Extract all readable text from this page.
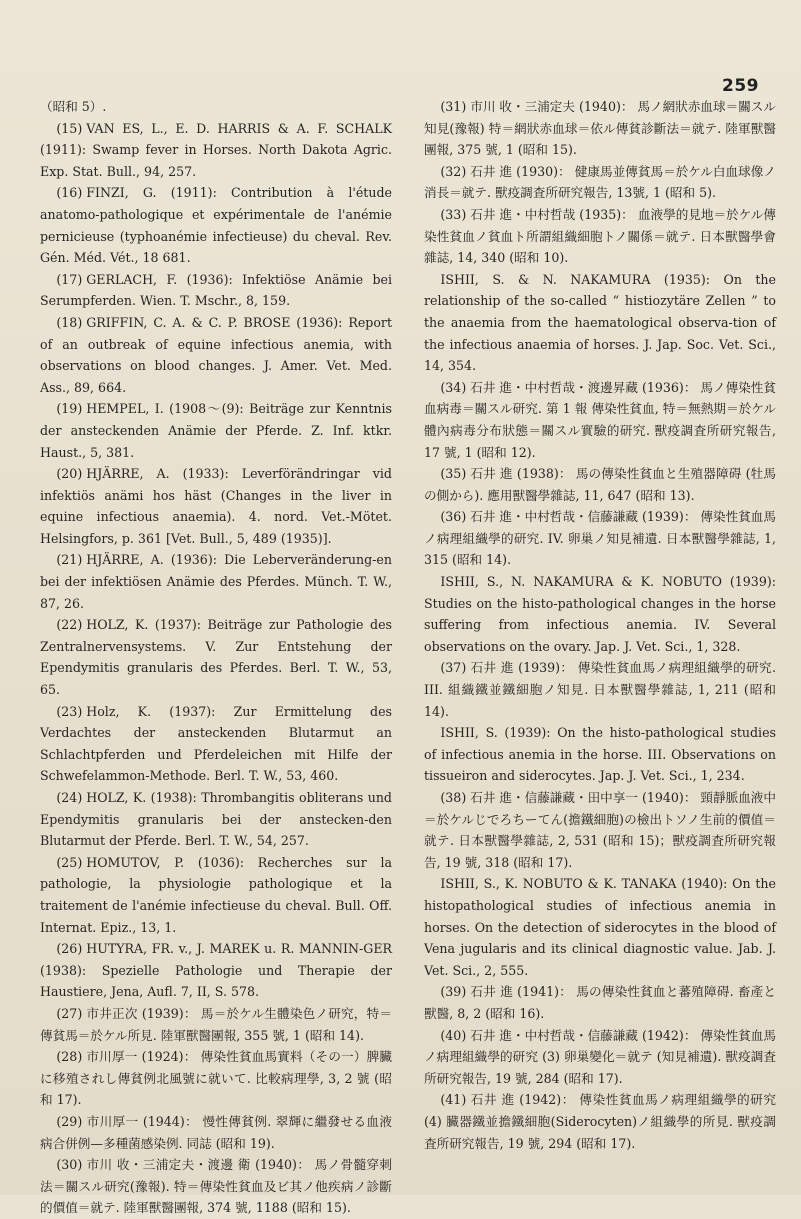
259

（昭和 5）.

(15) VAN ES, L., E. D. HARRIS & A. F. SCHALK (1911): Swamp fever in Horses. North Dakota Agric. Exp. Stat. Bull., 94, 257.

(16) FINZI, G. (1911): Contribution à l'étude anatomo-pathologique et expérimentale de l'anémie pernicieuse (typhoanémie infectieuse) du cheval. Rev. Gén. Méd. Vét., 18 681.

(17) GERLACH, F. (1936): Infektiöse Anämie bei Serumpferden. Wien. T. Mschr., 8, 159.

(18) GRIFFIN, C. A. & C. P. BROSE (1936): Report of an outbreak of equine infectious anemia, with observations on blood changes. J. Amer. Vet. Med. Ass., 89, 664.

(19) HEMPEL, I. (1908～(9): Beiträge zur Kenntnis der ansteckenden Anämie der Pferde. Z. Inf. ktkr. Haust., 5, 381.

(20) HJÄRRE, A. (1933): Leverförändringar vid infektiös anämi hos häst (Changes in the liver in equine infectious anaemia). 4. nord. Vet.-Mötet. Helsingfors, p. 361 [Vet. Bull., 5, 489 (1935)].

(21) HJÄRRE, A. (1936): Die Leberveränderung-en bei der infektiösen Anämie des Pferdes. Münch. T. W., 87, 26.

(22) HOLZ, K. (1937): Beiträge zur Pathologie des Zentralnervensystems. V. Zur Entstehung der Ependymitis granularis des Pferdes. Berl. T. W., 53, 65.

(23) Holz, K. (1937): Zur Ermittelung des Verdachtes der ansteckenden Blutarmut an Schlachtpferden und Pferdeleichen mit Hilfe der Schwefelammon-Methode. Berl. T. W., 53, 460.

(24) HOLZ, K. (1938): Thrombangitis obliterans und Ependymitis granularis bei der anstecken-den Blutarmut der Pferde. Berl. T. W., 54, 257.

(25) HOMUTOV, P. (1036): Recherches sur la pathologie, la physiologie pathologique et la traitement de l'anémie infectieuse du cheval. Bull. Off. Internat. Epiz., 13, 1.

(26) HUTYRA, FR. v., J. MAREK u. R. MANNIN-GER (1938): Spezielle Pathologie und Therapie der Haustiere, Jena, Aufl. 7, II, S. 578.

(27) 市井正次 (1939)： 馬＝於ケル生體染色ノ研究，特＝傳貧馬＝於ケル所見. 陸軍獸醫團報, 355 號, 1 (昭和 14).

(28) 市川厚一 (1924)： 傳染性貧血馬實料（その一）脾臟に移殖されし傳貧例北風號に就いて. 比較病理學, 3, 2 號 (昭和 17).

(29) 市川厚一 (1944)： 慢性傳貧例. 翠輝に繼發せる血液病合併例—多種菌感染例. 同誌 (昭和 19).

(30) 市川 收・三浦定夫・渡邊 衛 (1940)： 馬ノ骨髓穿刺法＝關スル研究(豫報). 特＝傳染性貧血及ビ其ノ他疾病ノ診斷的價值＝就テ. 陸軍獸醫團報, 374 號, 1188 (昭和 15).

(31) 市川 收・三浦定夫 (1940)： 馬ノ網狀赤血球＝關スル知見(豫報) 特＝網狀赤血球＝依ル傳貧診斷法＝就テ. 陸軍獸醫團報, 375 號, 1 (昭和 15).

(32) 石井 進 (1930)： 健康馬並傳貧馬＝於ケル白血球像ノ消長＝就テ. 獸疫調査所研究報告, 13號, 1 (昭和 5).

(33) 石井 進・中村哲哉 (1935)： 血液學的見地＝於ケル傳染性貧血ノ貧血ト所謂組織細胞トノ關係＝就テ. 日本獸醫學會雜誌, 14, 340 (昭和 10).

ISHII, S. & N. NAKAMURA (1935): On the relationship of the so-called “ histiozytäre Zellen ” to the anaemia from the haematological observa-tion of the infectious anaemia of horses. J. Jap. Soc. Vet. Sci., 14, 354.

(34) 石井 進・中村哲哉・渡邊昇藏 (1936)： 馬ノ傳染性貧血病毒＝關スル研究. 第 1 報 傳染性貧血, 特＝無熱期＝於ケル體內病毒分布狀態＝關スル實驗的研究. 獸疫調査所研究報告, 17 號, 1 (昭和 12).

(35) 石井 進 (1938)： 馬の傳染性貧血と生殖器障碍 (牡馬の側から). 應用獸醫學雜誌, 11, 647 (昭和 13).

(36) 石井 進・中村哲哉・信藤謙藏 (1939)： 傳染性貧血馬ノ病理組織學的研究. IV. 卵巢ノ知見補遺. 日本獸醫學雜誌, 1, 315 (昭和 14).

ISHII, S., N. NAKAMURA & K. NOBUTO (1939): Studies on the histo-pathological changes in the horse suffering from infectious anemia. IV. Several observations on the ovary. Jap. J. Vet. Sci., 1, 328.

(37) 石井 進 (1939)： 傳染性貧血馬ノ病理組織學的研究. III. 組織鐵並鐵細胞ノ知見. 日本獸醫學雜誌, 1, 211 (昭和 14).

ISHII, S. (1939): On the histo-pathological studies of infectious anemia in the horse. III. Observations on tissueiron and siderocytes. Jap. J. Vet. Sci., 1, 234.

(38) 石井 進・信藤謙藏・田中享一 (1940)： 頸靜脈血液中＝於ケルじでろちーてん(擔鐵細胞)の檢出トソノ生前的價值＝就テ. 日本獸醫學雜誌, 2, 531 (昭和 15)；獸疫調査所研究報告, 19 號, 318 (昭和 17).

ISHII, S., K. NOBUTO & K. TANAKA (1940): On the histopathological studies of infectious anemia in horses. On the detection of siderocytes in the blood of Vena jugularis and its clinical diagnostic value. Jab. J. Vet. Sci., 2, 555.

(39) 石井 進 (1941)： 馬の傳染性貧血と蕃殖障碍. 畜產と獸醫, 8, 2 (昭和 16).

(40) 石井 進・中村哲哉・信藤謙藏 (1942)： 傳染性貧血馬ノ病理組織學的研究 (3) 卵巢變化＝就テ (知見補遺). 獸疫調査所研究報告, 19 號, 284 (昭和 17).

(41) 石井 進 (1942)： 傳染性貧血馬ノ病理組織學的研究 (4) 臟器鐵並擔鐵細胞(Siderocyten)ノ組織學的所見. 獸疫調査所研究報告, 19 號, 294 (昭和 17).
